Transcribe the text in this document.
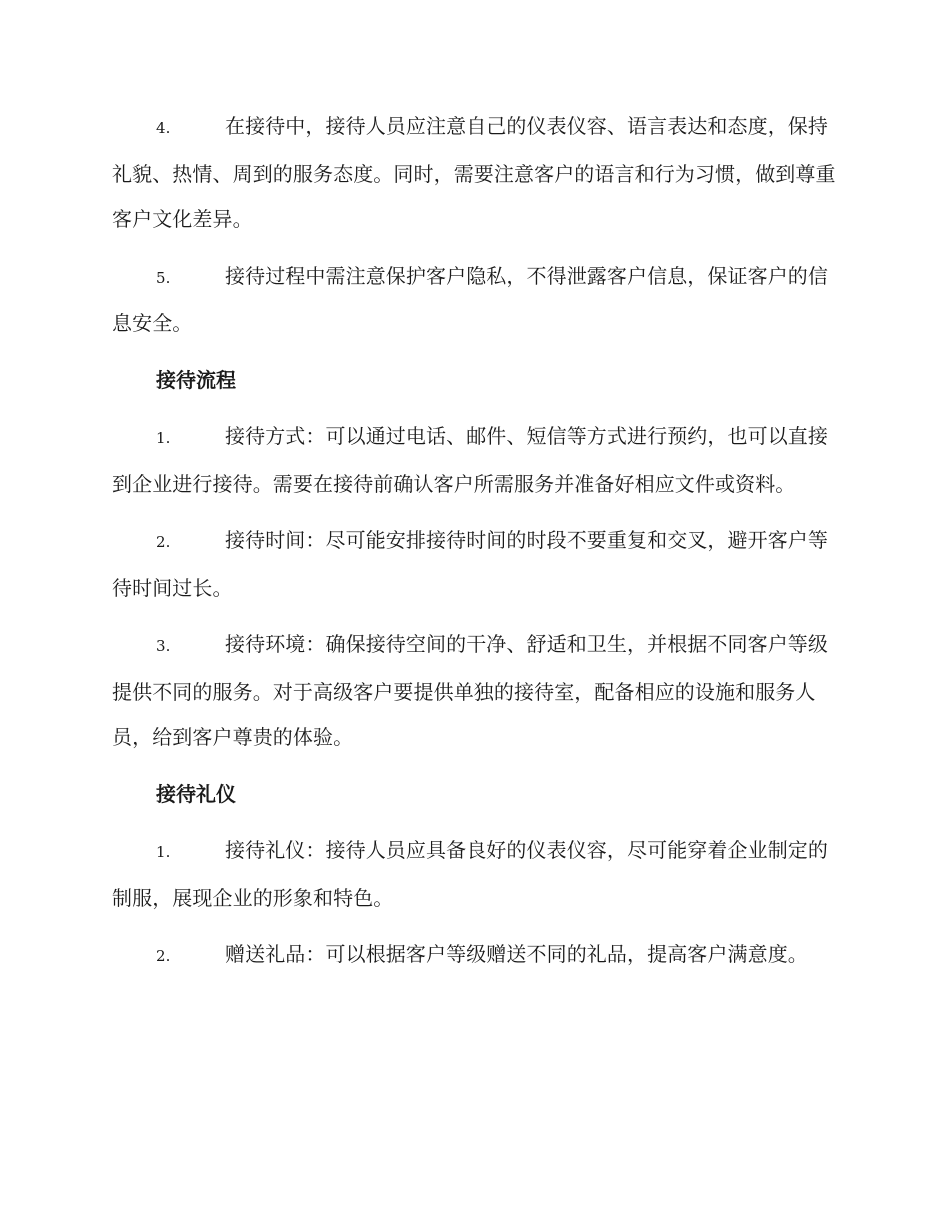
4.	在接待中，接待人员应注意自己的仪表仪容、语言表达和态度，保持礼貌、热情、周到的服务态度。同时，需要注意客户的语言和行为习惯，做到尊重客户文化差异。

5.	接待过程中需注意保护客户隐私，不得泄露客户信息，保证客户的信息安全。

接待流程

1.	接待方式：可以通过电话、邮件、短信等方式进行预约，也可以直接到企业进行接待。需要在接待前确认客户所需服务并准备好相应文件或资料。

2.	接待时间：尽可能安排接待时间的时段不要重复和交叉，避开客户等待时间过长。

3.	接待环境：确保接待空间的干净、舒适和卫生，并根据不同客户等级提供不同的服务。对于高级客户要提供单独的接待室，配备相应的设施和服务人员，给到客户尊贵的体验。

接待礼仪

1.	接待礼仪：接待人员应具备良好的仪表仪容，尽可能穿着企业制定的制服，展现企业的形象和特色。

2.	赠送礼品：可以根据客户等级赠送不同的礼品，提高客户满意度。
